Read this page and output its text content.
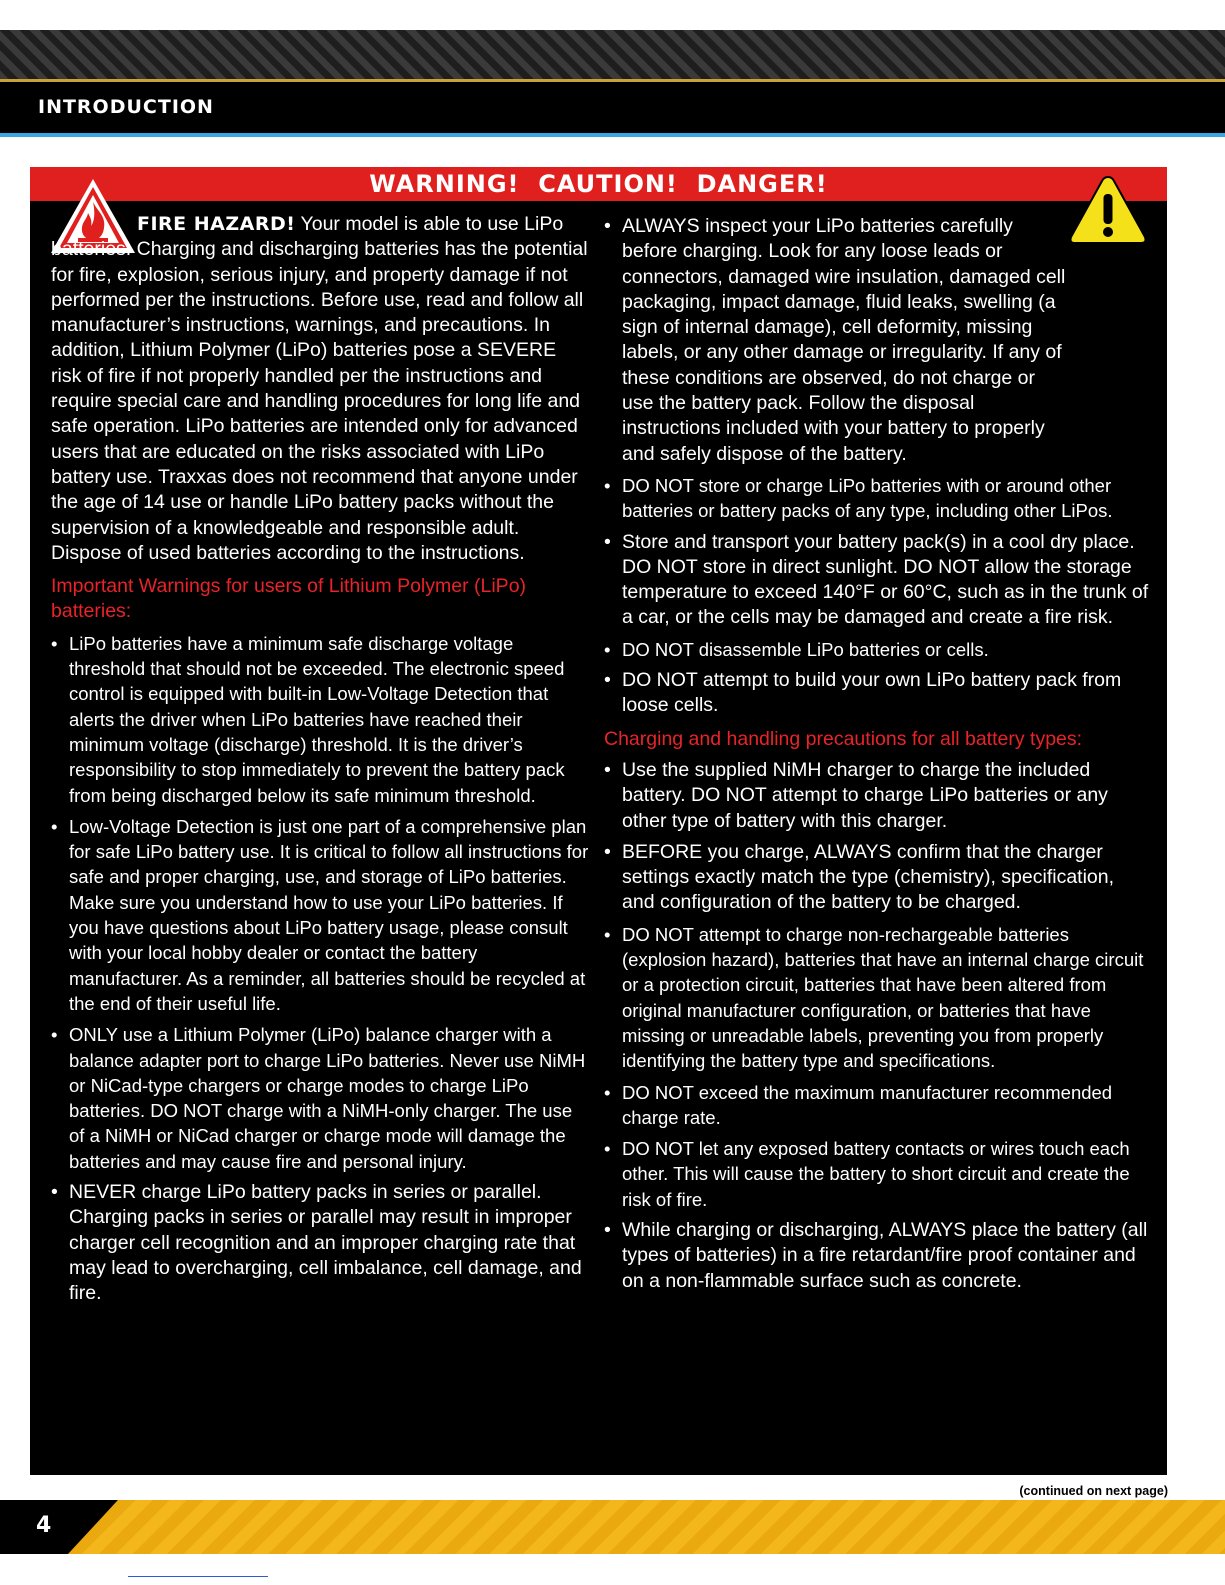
INTRODUCTION
WARNING!  CAUTION!  DANGER!

FIRE HAZARD! Your model is able to use LiPo batteries. Charging and discharging batteries has the potential for fire, explosion, serious injury, and property damage if not performed per the instructions. Before use, read and follow all manufacturer’s instructions, warnings, and precautions. In addition, Lithium Polymer (LiPo) batteries pose a SEVERE risk of fire if not properly handled per the instructions and require special care and handling procedures for long life and safe operation. LiPo batteries are intended only for advanced users that are educated on the risks associated with LiPo battery use. Traxxas does not recommend that anyone under the age of 14 use or handle LiPo battery packs without the supervision of a knowledgeable and responsible adult. Dispose of used batteries according to the instructions.

Important Warnings for users of Lithium Polymer (LiPo) batteries:

• LiPo batteries have a minimum safe discharge voltage threshold that should not be exceeded. The electronic speed control is equipped with built-in Low-Voltage Detection that alerts the driver when LiPo batteries have reached their minimum voltage (discharge) threshold. It is the driver’s responsibility to stop immediately to prevent the battery pack from being discharged below its safe minimum threshold.

• Low-Voltage Detection is just one part of a comprehensive plan for safe LiPo battery use. It is critical to follow all instructions for safe and proper charging, use, and storage of LiPo batteries. Make sure you understand how to use your LiPo batteries. If you have questions about LiPo battery usage, please consult with your local hobby dealer or contact the battery manufacturer. As a reminder, all batteries should be recycled at the end of their useful life.

• ONLY use a Lithium Polymer (LiPo) balance charger with a balance adapter port to charge LiPo batteries. Never use NiMH or NiCad-type chargers or charge modes to charge LiPo batteries. DO NOT charge with a NiMH-only charger. The use of a NiMH or NiCad charger or charge mode will damage the batteries and may cause fire and personal injury.

• NEVER charge LiPo battery packs in series or parallel. Charging packs in series or parallel may result in improper charger cell recognition and an improper charging rate that may lead to overcharging, cell imbalance, cell damage, and fire.

• ALWAYS inspect your LiPo batteries carefully before charging. Look for any loose leads or connectors, damaged wire insulation, damaged cell packaging, impact damage, fluid leaks, swelling (a sign of internal damage), cell deformity, missing labels, or any other damage or irregularity. If any of these conditions are observed, do not charge or use the battery pack. Follow the disposal instructions included with your battery to properly and safely dispose of the battery.

• DO NOT store or charge LiPo batteries with or around other batteries or battery packs of any type, including other LiPos.

• Store and transport your battery pack(s) in a cool dry place. DO NOT store in direct sunlight. DO NOT allow the storage temperature to exceed 140°F or 60°C, such as in the trunk of a car, or the cells may be damaged and create a fire risk.

• DO NOT disassemble LiPo batteries or cells.

• DO NOT attempt to build your own LiPo battery pack from loose cells.

Charging and handling precautions for all battery types:

• Use the supplied NiMH charger to charge the included battery. DO NOT attempt to charge LiPo batteries or any other type of battery with this charger.

• BEFORE you charge, ALWAYS confirm that the charger settings exactly match the type (chemistry), specification, and configuration of the battery to be charged.

• DO NOT attempt to charge non-rechargeable batteries (explosion hazard), batteries that have an internal charge circuit or a protection circuit, batteries that have been altered from original manufacturer configuration, or batteries that have missing or unreadable labels, preventing you from properly identifying the battery type and specifications.

• DO NOT exceed the maximum manufacturer recommended charge rate.

• DO NOT let any exposed battery contacts or wires touch each other. This will cause the battery to short circuit and create the risk of fire.

• While charging or discharging, ALWAYS place the battery (all types of batteries) in a fire retardant/fire proof container and on a non-flammable surface such as concrete.

(continued on next page)
4
